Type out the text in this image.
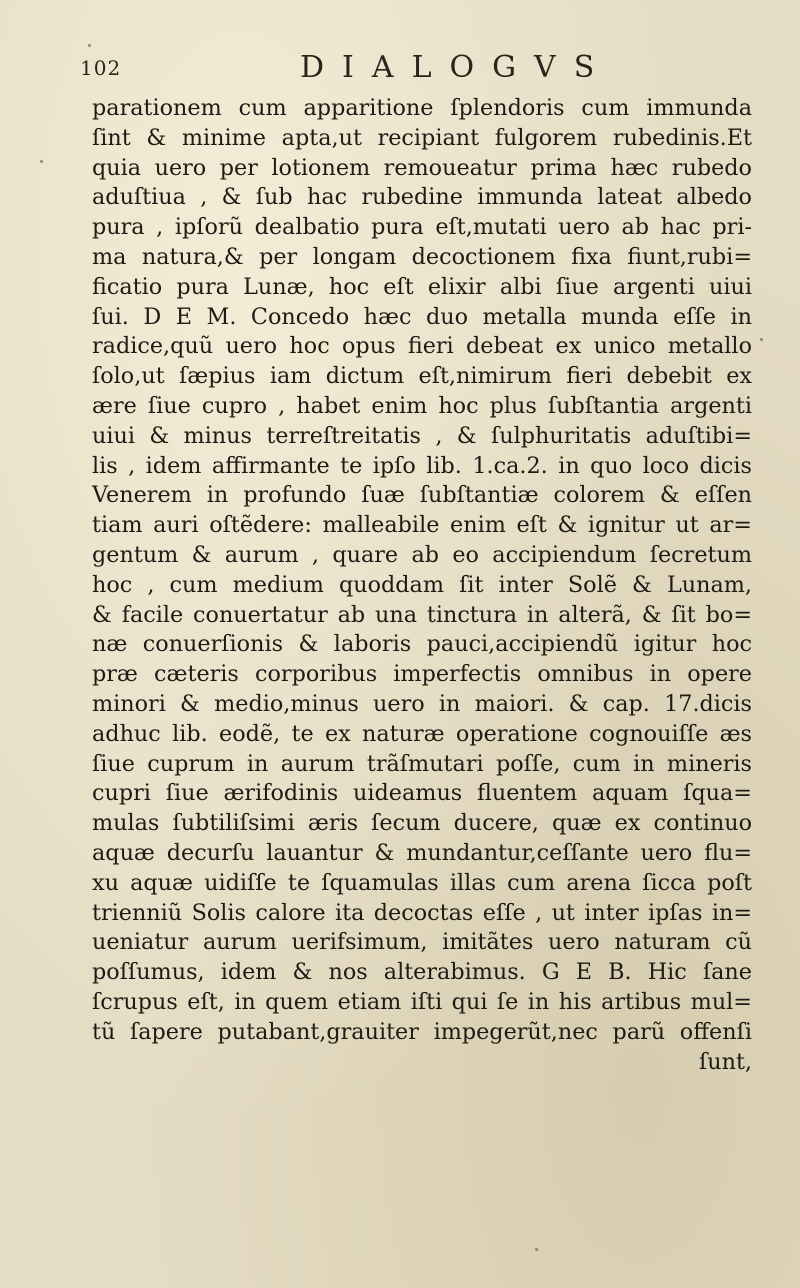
102	DIALOGVS
parationem cum apparitione ſplendoris cum immunda
ſint & minime apta,ut recipiant fulgorem rubedinis.Et
quia uero per lotionem remoueatur prima hæc rubedo
aduſtiua , & ſub hac rubedine immunda lateat albedo
pura , ipſorũ dealbatio pura eſt,mutati uero ab hac pri-
ma natura,& per longam decoctionem fixa fiunt,rubi=
ficatio pura Lunæ, hoc eſt elixir albi ſiue argenti uiui
ſui. D E M. Concedo hæc duo metalla munda eſſe in
radice,quũ uero hoc opus fieri debeat ex unico metallo
ſolo,ut ſæpius iam dictum eſt,nimirum fieri debebit ex
ære ſiue cupro , habet enim hoc plus ſubſtantia argenti
uiui & minus terreſtreitatis , & ſulphuritatis aduſtibi=
lis , idem affirmante te ipſo lib. 1.ca.2. in quo loco dicis
Venerem in profundo ſuæ ſubſtantiæ colorem & eſſen
tiam auri oſtẽdere: malleabile enim eſt & ignitur ut ar=
gentum & aurum , quare ab eo accipiendum ſecretum
hoc , cum medium quoddam ſit inter Solẽ & Lunam,
& facile conuertatur ab una tinctura in alterã, & ſit bo=
næ conuerſionis & laboris pauci,accipiendũ igitur hoc
præ cæteris corporibus imperfectis omnibus in opere
minori & medio,minus uero in maiori. & cap. 17.dicis
adhuc lib. eodẽ, te ex naturæ operatione cognouiſſe æs
ſiue cuprum in aurum trãſmutari poſſe, cum in mineris
cupri ſiue ærifodinis uideamus fluentem aquam ſqua=
mulas ſubtiliſsimi æris ſecum ducere, quæ ex continuo
aquæ decurſu lauantur & mundantur,ceſſante uero flu=
xu aquæ uidiſſe te ſquamulas illas cum arena ſicca poſt
trienniũ Solis calore ita decoctas eſſe , ut inter ipſas in=
ueniatur aurum uerifsimum, imitãtes uero naturam cũ
poſſumus, idem & nos alterabimus. G E B. Hic ſane
ſcrupus eſt, in quem etiam iſti qui ſe in his artibus mul=
tũ ſapere putabant,grauiter impegerũt,nec parũ offenſi
ſunt,
